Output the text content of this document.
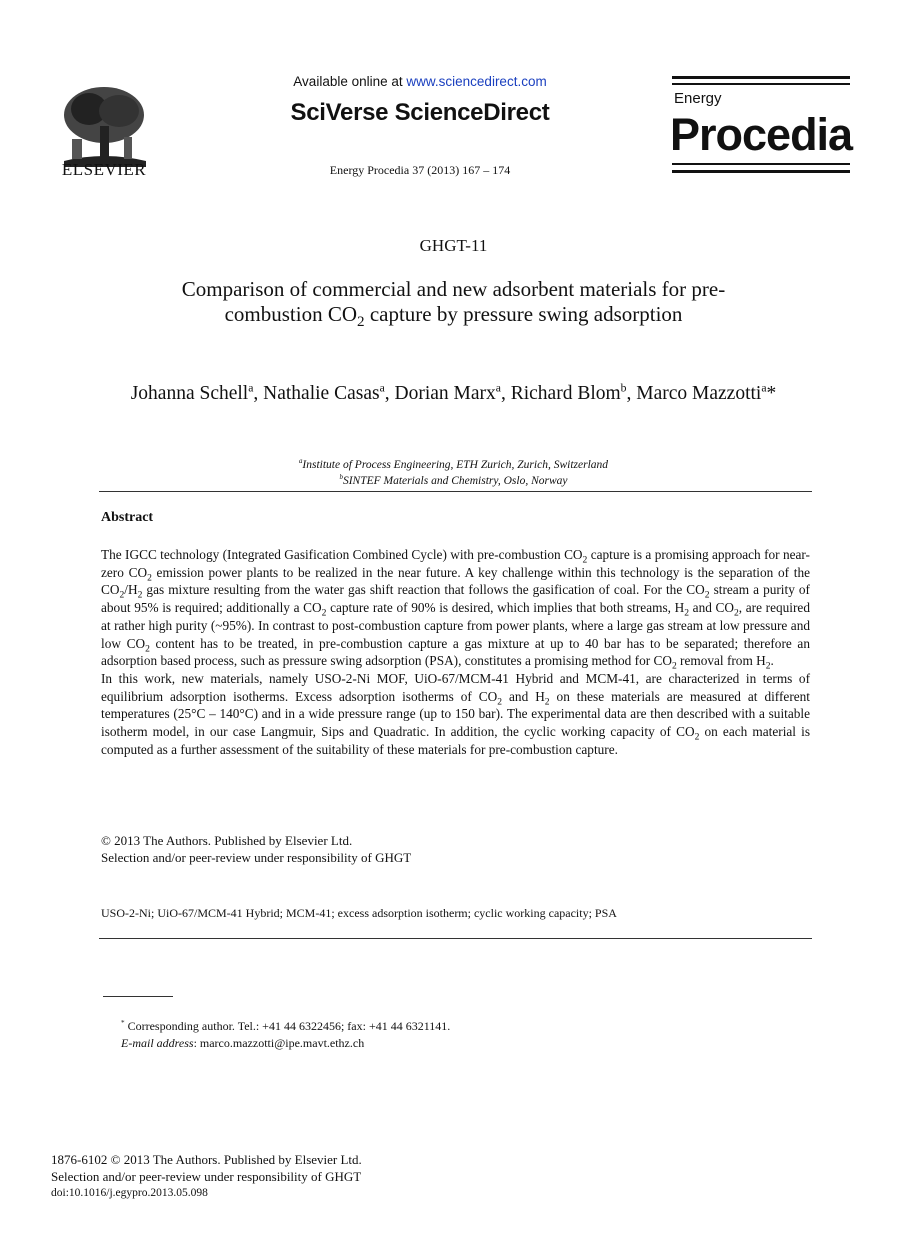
ELSEVIER
Available online at www.sciencedirect.com
SciVerse ScienceDirect
Energy Procedia 37 (2013) 167 – 174
Energy
Procedia
GHGT-11
Comparison of commercial and new adsorbent materials for pre-
combustion $CO_2$ capture by pressure swing adsorption
Johanna Schell$^a$, Nathalie Casas$^a$, Dorian Marx$^a$, Richard Blom$^b$, Marco Mazzotti$^a$*
$^a$Institute of Process Engineering, ETH Zurich, Zurich, Switzerland
$^b$SINTEF Materials and Chemistry, Oslo, Norway
Abstract

The IGCC technology (Integrated Gasification Combined Cycle) with pre-combustion $CO_2$ capture is a promising approach for near-zero $CO_2$ emission power plants to be realized in the near future. A key challenge within this technology is the separation of the $CO_2/H_2$ gas mixture resulting from the water gas shift reaction that follows the gasification of coal. For the $CO_2$ stream a purity of about 95% is required; additionally a $CO_2$ capture rate of 90% is desired, which implies that both streams, $H_2$ and $CO_2$, are required at rather high purity (~95%). In contrast to post-combustion capture from power plants, where a large gas stream at low pressure and low $CO_2$ content has to be treated, in pre-combustion capture a gas mixture at up to 40 bar has to be separated; therefore an adsorption based process, such as pressure swing adsorption (PSA), constitutes a promising method for $CO_2$ removal from $H_2$.

In this work, new materials, namely USO-2-Ni MOF, UiO-67/MCM-41 Hybrid and MCM-41, are characterized in terms of equilibrium adsorption isotherms. Excess adsorption isotherms of $CO_2$ and $H_2$ on these materials are measured at different temperatures (25°C – 140°C) and in a wide pressure range (up to 150 bar). The experimental data are then described with a suitable isotherm model, in our case Langmuir, Sips and Quadratic. In addition, the cyclic working capacity of $CO_2$ on each material is computed as a further assessment of the suitability of these materials for pre-combustion capture.

© 2013 The Authors. Published by Elsevier Ltd.
Selection and/or peer-review under responsibility of GHGT
USO-2-Ni; UiO-67/MCM-41 Hybrid; MCM-41; excess adsorption isotherm; cyclic working capacity; PSA
* Corresponding author. Tel.: +41 44 6322456; fax: +41 44 6321141.
E-mail address: marco.mazzotti@ipe.mavt.ethz.ch
1876-6102 © 2013 The Authors. Published by Elsevier Ltd.
Selection and/or peer-review under responsibility of GHGT
doi:10.1016/j.egypro.2013.05.098
